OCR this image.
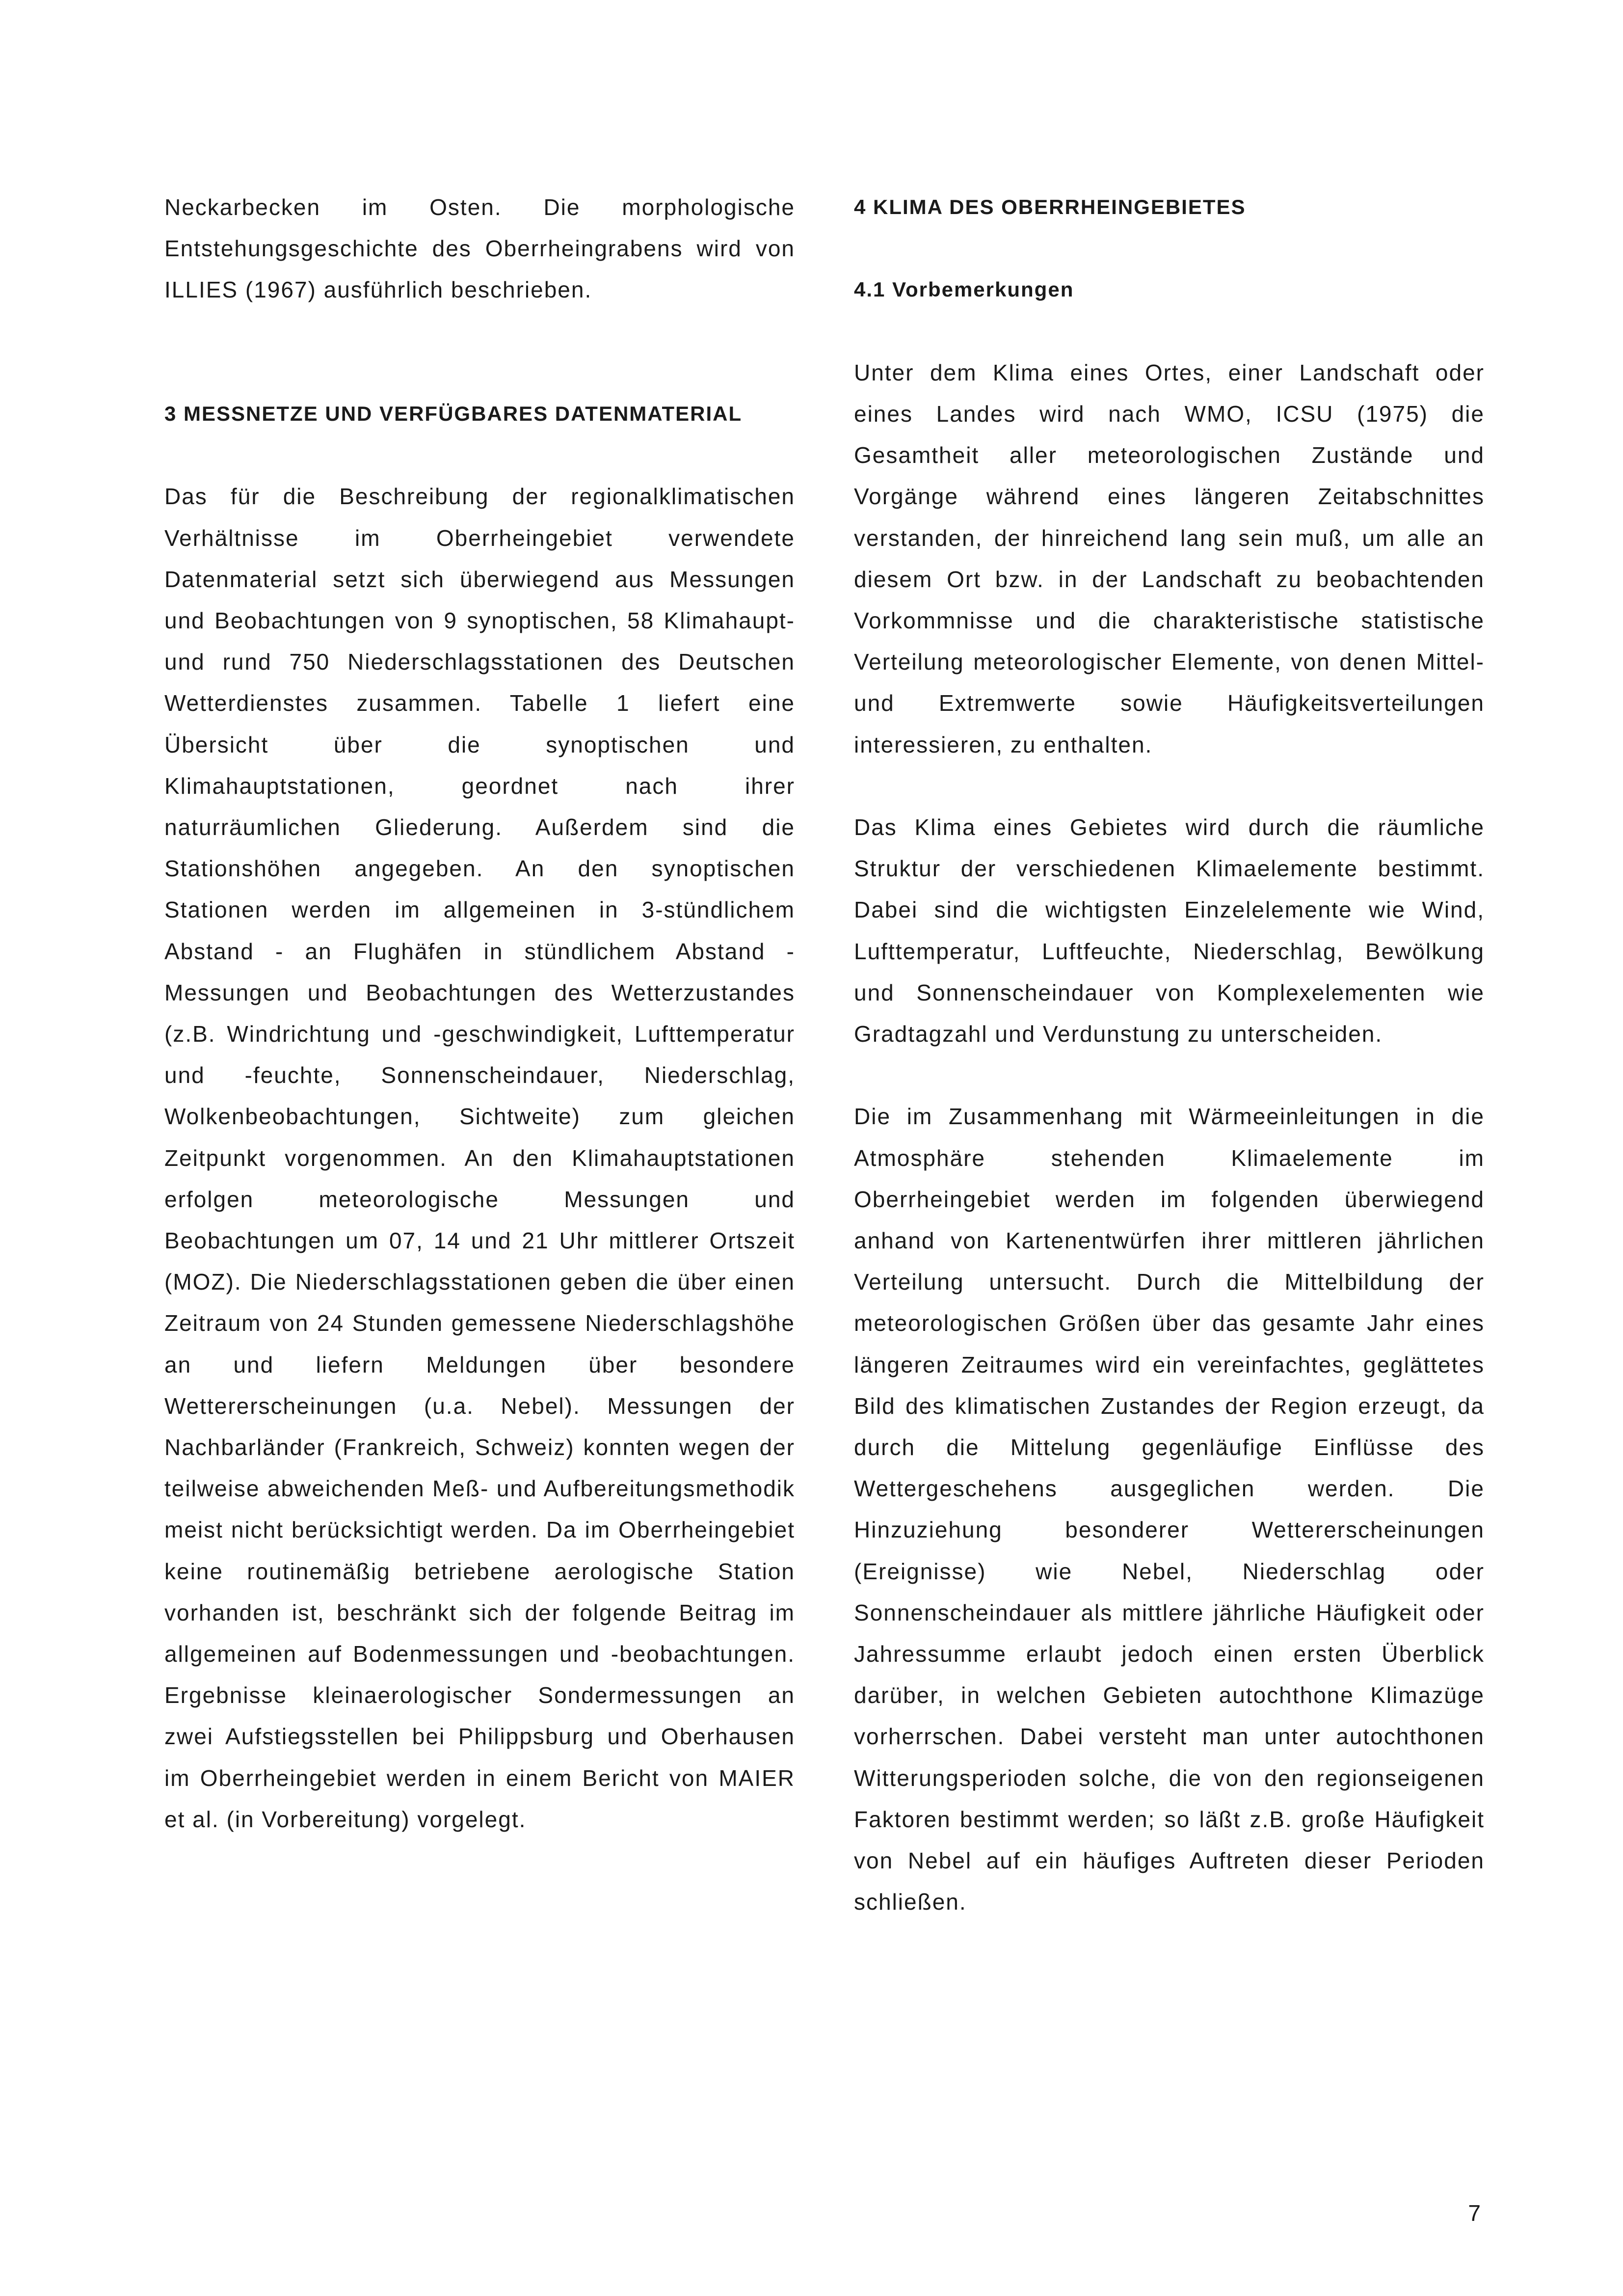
Neckarbecken im Osten. Die morphologische Entstehungsgeschichte des Oberrheingrabens wird von ILLIES (1967) ausführlich beschrieben.

3 MESSNETZE UND VERFÜGBARES DATENMATERIAL

Das für die Beschreibung der regionalklimatischen Verhältnisse im Oberrheingebiet verwendete Datenmaterial setzt sich überwiegend aus Messungen und Beobachtungen von 9 synoptischen, 58 Klimahaupt- und rund 750 Niederschlagsstationen des Deutschen Wetterdienstes zusammen. Tabelle 1 liefert eine Übersicht über die synoptischen und Klimahauptstationen, geordnet nach ihrer naturräumlichen Gliederung. Außerdem sind die Stationshöhen angegeben. An den synoptischen Stationen werden im allgemeinen in 3-stündlichem Abstand - an Flughäfen in stündlichem Abstand - Messungen und Beobachtungen des Wetterzustandes (z.B. Windrichtung und -geschwindigkeit, Lufttemperatur und -feuchte, Sonnenscheindauer, Niederschlag, Wolkenbeobachtungen, Sichtweite) zum gleichen Zeitpunkt vorgenommen. An den Klimahauptstationen erfolgen meteorologische Messungen und Beobachtungen um 07, 14 und 21 Uhr mittlerer Ortszeit (MOZ). Die Niederschlagsstationen geben die über einen Zeitraum von 24 Stunden gemessene Niederschlagshöhe an und liefern Meldungen über besondere Wettererscheinungen (u.a. Nebel). Messungen der Nachbarländer (Frankreich, Schweiz) konnten wegen der teilweise abweichenden Meß- und Aufbereitungsmethodik meist nicht berücksichtigt werden. Da im Oberrheingebiet keine routinemäßig betriebene aerologische Station vorhanden ist, beschränkt sich der folgende Beitrag im allgemeinen auf Bodenmessungen und -beobachtungen. Ergebnisse kleinaerologischer Sondermessungen an zwei Aufstiegsstellen bei Philippsburg und Oberhausen im Oberrheingebiet werden in einem Bericht von MAIER et al. (in Vorbereitung) vorgelegt.

4 KLIMA DES OBERRHEINGEBIETES
4.1 Vorbemerkungen

Unter dem Klima eines Ortes, einer Landschaft oder eines Landes wird nach WMO, ICSU (1975) die Gesamtheit aller meteorologischen Zustände und Vorgänge während eines längeren Zeitabschnittes verstanden, der hinreichend lang sein muß, um alle an diesem Ort bzw. in der Landschaft zu beobachtenden Vorkommnisse und die charakteristische statistische Verteilung meteorologischer Elemente, von denen Mittel- und Extremwerte sowie Häufigkeitsverteilungen interessieren, zu enthalten.

Das Klima eines Gebietes wird durch die räumliche Struktur der verschiedenen Klimaelemente bestimmt. Dabei sind die wichtigsten Einzelelemente wie Wind, Lufttemperatur, Luftfeuchte, Niederschlag, Bewölkung und Sonnenscheindauer von Komplexelementen wie Gradtagzahl und Verdunstung zu unterscheiden.

Die im Zusammenhang mit Wärmeeinleitungen in die Atmosphäre stehenden Klimaelemente im Oberrheingebiet werden im folgenden überwiegend anhand von Kartenentwürfen ihrer mittleren jährlichen Verteilung untersucht. Durch die Mittelbildung der meteorologischen Größen über das gesamte Jahr eines längeren Zeitraumes wird ein vereinfachtes, geglättetes Bild des klimatischen Zustandes der Region erzeugt, da durch die Mittelung gegenläufige Einflüsse des Wettergeschehens ausgeglichen werden. Die Hinzuziehung besonderer Wettererscheinungen (Ereignisse) wie Nebel, Niederschlag oder Sonnenscheindauer als mittlere jährliche Häufigkeit oder Jahressumme erlaubt jedoch einen ersten Überblick darüber, in welchen Gebieten autochthone Klimazüge vorherrschen. Dabei versteht man unter autochthonen Witterungsperioden solche, die von den regionseigenen Faktoren bestimmt werden; so läßt z.B. große Häufigkeit von Nebel auf ein häufiges Auftreten dieser Perioden schließen.

7
